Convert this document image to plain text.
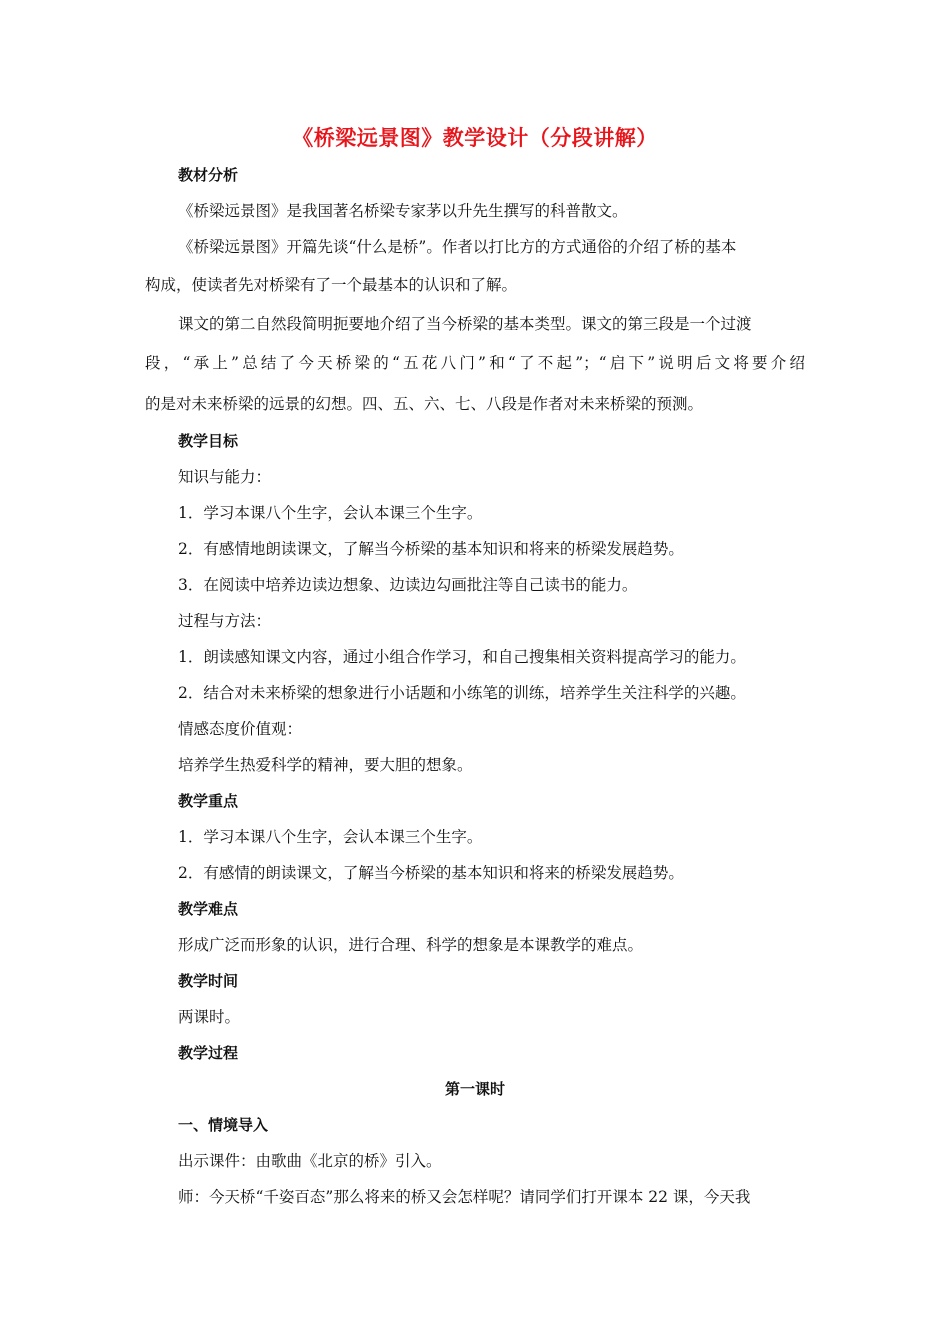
《桥梁远景图》教学设计（分段讲解）
教材分析
《桥梁远景图》是我国著名桥梁专家茅以升先生撰写的科普散文。
《桥梁远景图》开篇先谈“什么是桥”。作者以打比方的方式通俗的介绍了桥的基本
构成，使读者先对桥梁有了一个最基本的认识和了解。
课文的第二自然段简明扼要地介绍了当今桥梁的基本类型。课文的第三段是一个过渡
段，“承上”总结了今天桥梁的“五花八门”和“了不起”；“启下”说明后文将要介绍
的是对未来桥梁的远景的幻想。四、五、六、七、八段是作者对未来桥梁的预测。
教学目标
知识与能力：
1．学习本课八个生字，会认本课三个生字。
2．有感情地朗读课文，了解当今桥梁的基本知识和将来的桥梁发展趋势。
3．在阅读中培养边读边想象、边读边勾画批注等自己读书的能力。
过程与方法：
1．朗读感知课文内容，通过小组合作学习，和自己搜集相关资料提高学习的能力。
2．结合对未来桥梁的想象进行小话题和小练笔的训练，培养学生关注科学的兴趣。
情感态度价值观：
培养学生热爱科学的精神，要大胆的想象。
教学重点
1．学习本课八个生字，会认本课三个生字。
2．有感情的朗读课文，了解当今桥梁的基本知识和将来的桥梁发展趋势。
教学难点
形成广泛而形象的认识，进行合理、科学的想象是本课教学的难点。
教学时间
两课时。
教学过程
第一课时
一、情境导入
出示课件：由歌曲《北京的桥》引入。
师：今天桥“千姿百态”那么将来的桥又会怎样呢？请同学们打开课本 22 课，今天我
